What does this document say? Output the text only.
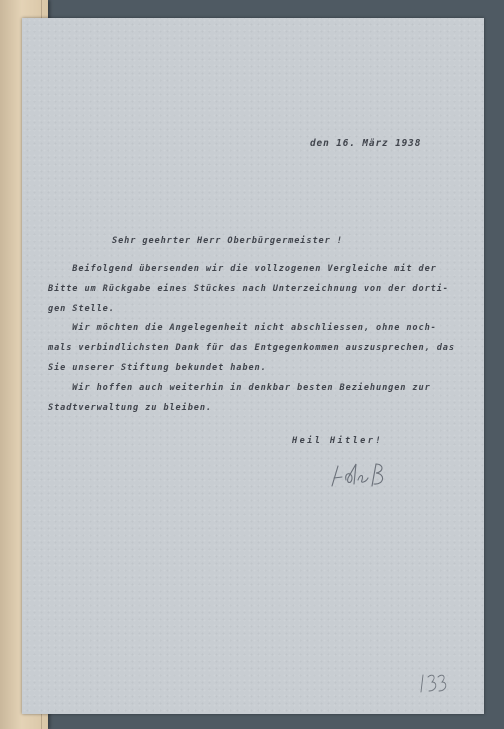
den 16. März 1938

Sehr geehrter Herr Oberbürgermeister !

Beifolgend übersenden wir die vollzogenen Vergleiche mit der

Bitte um Rückgabe eines Stückes nach Unterzeichnung von der dorti-

gen Stelle.

Wir möchten die Angelegenheit nicht abschliessen, ohne noch-

mals verbindlichsten Dank für das Entgegenkommen auszusprechen, das

Sie unserer Stiftung bekundet haben.

Wir hoffen auch weiterhin in denkbar besten Beziehungen zur

Stadtverwaltung zu bleiben.

Heil Hitler!
